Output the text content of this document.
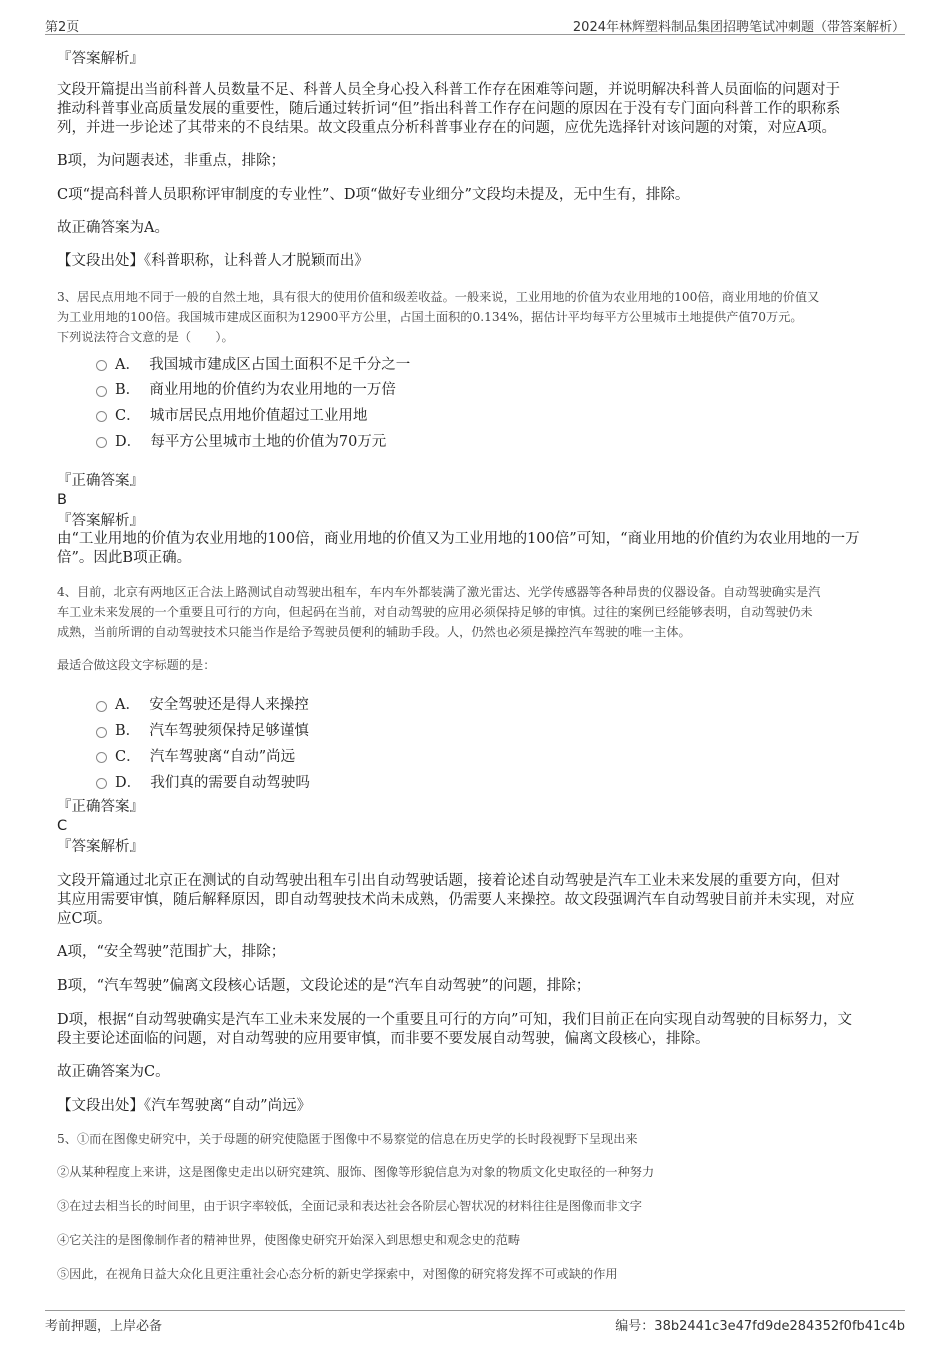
第2页	2024年林辉塑料制品集团招聘笔试冲刺题（带答案解析）
『答案解析』
文段开篇提出当前科普人员数量不足、科普人员全身心投入科普工作存在困难等问题，并说明解决科普人员面临的问题对于
推动科普事业高质量发展的重要性，随后通过转折词“但”指出科普工作存在问题的原因在于没有专门面向科普工作的职称系
列，并进一步论述了其带来的不良结果。故文段重点分析科普事业存在的问题，应优先选择针对该问题的对策，对应A项。
B项，为问题表述，非重点，排除；
C项“提高科普人员职称评审制度的专业性”、D项“做好专业细分”文段均未提及，无中生有，排除。
故正确答案为A。
【文段出处】《科普职称，让科普人才脱颖而出》
3、居民点用地不同于一般的自然土地，具有很大的使用价值和级差收益。一般来说，工业用地的价值为农业用地的100倍，商业用地的价值又
为工业用地的100倍。我国城市建成区面积为12900平方公里，占国土面积的0.134%，据估计平均每平方公里城市土地提供产值70万元。
下列说法符合文意的是（　　）。
A． 我国城市建成区占国土面积不足千分之一
B． 商业用地的价值约为农业用地的一万倍
C． 城市居民点用地价值超过工业用地
D． 每平方公里城市土地的价值为70万元
『正确答案』
B
『答案解析』
由“工业用地的价值为农业用地的100倍，商业用地的价值又为工业用地的100倍”可知，“商业用地的价值约为农业用地的一万
倍”。因此B项正确。
4、目前，北京有两地区正合法上路测试自动驾驶出租车，车内车外都装满了激光雷达、光学传感器等各种昂贵的仪器设备。自动驾驶确实是汽
车工业未来发展的一个重要且可行的方向，但起码在当前，对自动驾驶的应用必须保持足够的审慎。过往的案例已经能够表明，自动驾驶仍未
成熟，当前所谓的自动驾驶技术只能当作是给予驾驶员便利的辅助手段。人，仍然也必须是操控汽车驾驶的唯一主体。
最适合做这段文字标题的是：
A． 安全驾驶还是得人来操控
B． 汽车驾驶须保持足够谨慎
C． 汽车驾驶离“自动”尚远
D． 我们真的需要自动驾驶吗
『正确答案』
C
『答案解析』
文段开篇通过北京正在测试的自动驾驶出租车引出自动驾驶话题，接着论述自动驾驶是汽车工业未来发展的重要方向，但对
其应用需要审慎，随后解释原因，即自动驾驶技术尚未成熟，仍需要人来操控。故文段强调汽车自动驾驶目前并未实现，对应
应C项。
A项，“安全驾驶”范围扩大，排除；
B项，“汽车驾驶”偏离文段核心话题，文段论述的是“汽车自动驾驶”的问题，排除；
D项，根据“自动驾驶确实是汽车工业未来发展的一个重要且可行的方向”可知，我们目前正在向实现自动驾驶的目标努力，文
段主要论述面临的问题，对自动驾驶的应用要审慎，而非要不要发展自动驾驶，偏离文段核心，排除。
故正确答案为C。
【文段出处】《汽车驾驶离“自动”尚远》
5、①而在图像史研究中，关于母题的研究使隐匿于图像中不易察觉的信息在历史学的长时段视野下呈现出来
②从某种程度上来讲，这是图像史走出以研究建筑、服饰、图像等形貌信息为对象的物质文化史取径的一种努力
③在过去相当长的时间里，由于识字率较低，全面记录和表达社会各阶层心智状况的材料往往是图像而非文字
④它关注的是图像制作者的精神世界，使图像史研究开始深入到思想史和观念史的范畴
⑤因此，在视角日益大众化且更注重社会心态分析的新史学探索中，对图像的研究将发挥不可或缺的作用
考前押题，上岸必备	编号：38b2441c3e47fd9de284352f0fb41c4b
